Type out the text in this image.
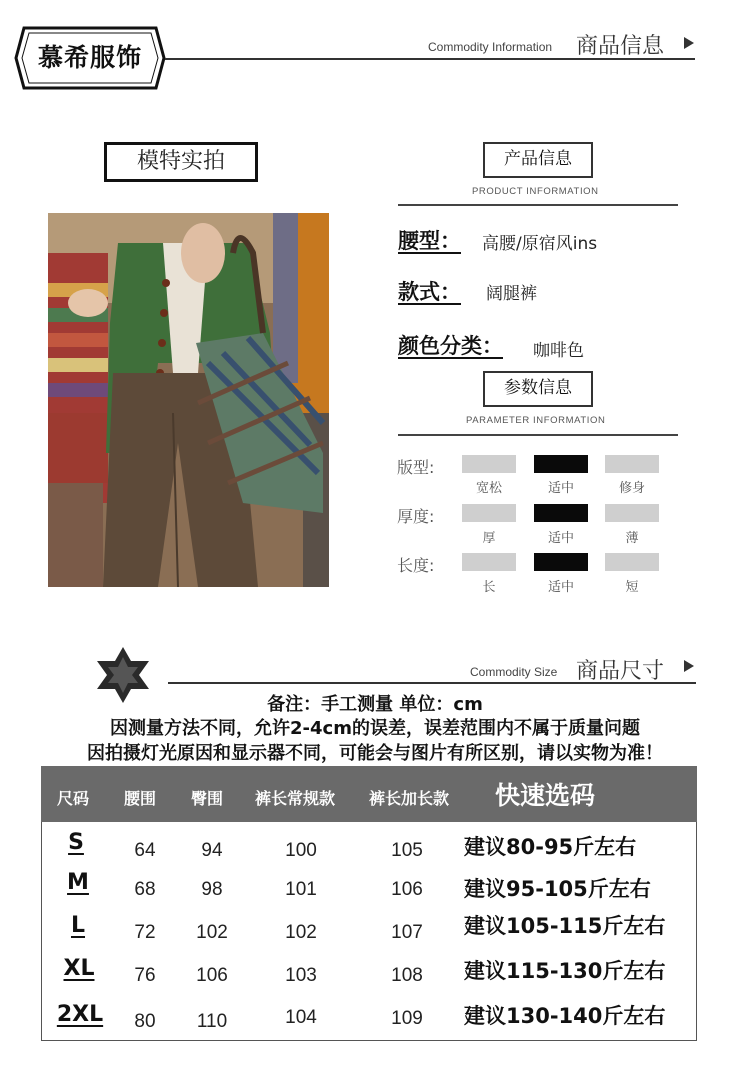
慕希服饰	Commodity Information 商品信息
模特实拍	产品信息
PRODUCT INFORMATION
腰型： 高腰/原宿风ins
款式： 阔腿裤
颜色分类： 咖啡色
参数信息
PARAMETER INFORMATION
版型:
宽松	适中	修身
厚度:
厚	适中	薄
长度:
长	适中	短
Commodity Size 商品尺寸
备注：手工测量 单位：cm
因测量方法不同，允许2-4cm的误差，误差范围内不属于质量问题
因拍摄灯光原因和显示器不同，可能会与图片有所区别，请以实物为准！
尺码 腰围 臀围 裤长常规款 裤长加长款 快速选码
S	64	94	100	105	建议80-95斤左右
M	68	98	101	106	建议95-105斤左右
L	72	102	102	107	建议105-115斤左右
XL	76	106	103	108	建议115-130斤左右
2XL	80	110	104	109	建议130-140斤左右
